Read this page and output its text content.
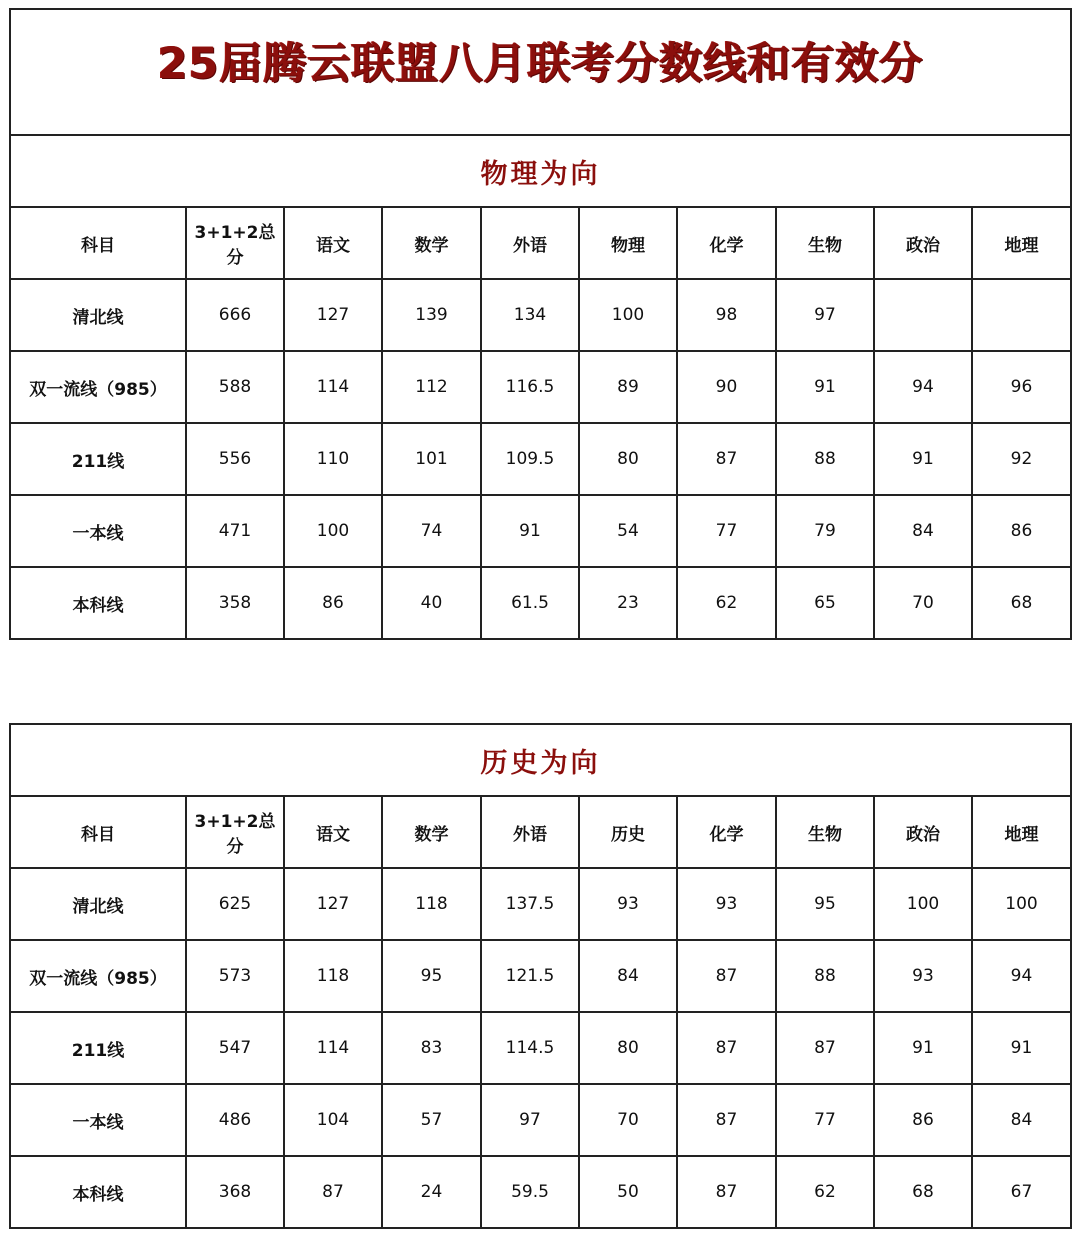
25届腾云联盟八月联考分数线和有效分
物理为向									
科目	3+1+2总分	语文	数学	外语	物理	化学	生物	政治	地理
清北线	666	127	139	134	100	98	97		
双一流线（985）	588	114	112	116.5	89	90	91	94	96
211线	556	110	101	109.5	80	87	88	91	92
一本线	471	100	74	91	54	77	79	84	86
本科线	358	86	40	61.5	23	62	65	70	68
历史为向									
科目	3+1+2总分	语文	数学	外语	历史	化学	生物	政治	地理
清北线	625	127	118	137.5	93	93	95	100	100
双一流线（985）	573	118	95	121.5	84	87	88	93	94
211线	547	114	83	114.5	80	87	87	91	91
一本线	486	104	57	97	70	87	77	86	84
本科线	368	87	24	59.5	50	87	62	68	67
